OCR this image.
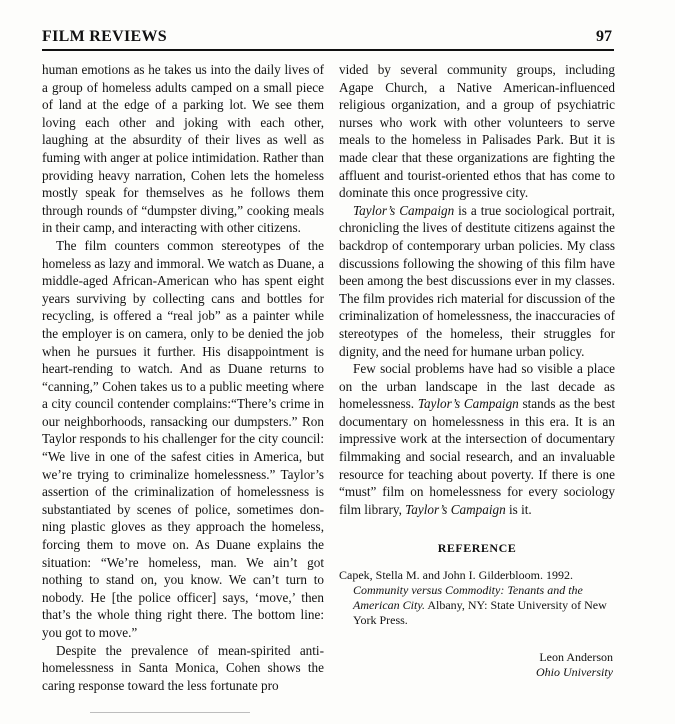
FILM REVIEWS	97

human emotions as he takes us into the daily lives of a group of homeless adults camped on a small piece of land at the edge of a parking lot. We see them loving each other and joking with each other, laughing at the absurdity of their lives as well as fuming with anger at police intimidation. Rather than providing heavy narration, Cohen lets the homeless mostly speak for themselves as he follows them through rounds of “dumpster diving,” cooking meals in their camp, and interacting with other citizens.

The film counters common stereotypes of the homeless as lazy and immoral. We watch as Duane, a middle-aged African-American who has spent eight years surviving by collecting cans and bottles for recycling, is offered a “real job” as a painter while the employer is on camera, only to be denied the job when he pursues it further. His disappointment is heart-rending to watch. And as Duane returns to “canning,” Cohen takes us to a public meeting where a city council contender complains:“There’s crime in our neighborhoods, ransacking our dumpsters.” Ron Taylor responds to his challenger for the city council: “We live in one of the safest cities in America, but we’re trying to criminalize homelessness.” Taylor’s assertion of the criminalization of homelessness is substantiated by scenes of police, sometimes donning plastic gloves as they approach the homeless, forcing them to move on. As Duane explains the situation: “We’re homeless, man. We ain’t got nothing to stand on, you know. We can’t turn to nobody. He [the police officer] says, ‘move,’ then that’s the whole thing right there. The bottom line: you got to move.”

Despite the prevalence of mean-spirited antihomelessness in Santa Monica, Cohen shows the caring response toward the less fortunate pro

vided by several community groups, including Agape Church, a Native American-influenced religious organization, and a group of psychiatric nurses who work with other volunteers to serve meals to the homeless in Palisades Park. But it is made clear that these organizations are fighting the affluent and tourist-oriented ethos that has come to dominate this once progressive city.

Taylor’s Campaign is a true sociological portrait, chronicling the lives of destitute citizens against the backdrop of contemporary urban policies. My class discussions following the showing of this film have been among the best discussions ever in my classes. The film provides rich material for discussion of the criminalization of homelessness, the inaccuracies of stereotypes of the homeless, their struggles for dignity, and the need for humane urban policy.

Few social problems have had so visible a place on the urban landscape in the last decade as homelessness. Taylor’s Campaign stands as the best documentary on homelessness in this era. It is an impressive work at the intersection of documentary filmmaking and social research, and an invaluable resource for teaching about poverty. If there is one “must” film on homelessness for every sociology film library, Taylor’s Campaign is it.

REFERENCE
Capek, Stella M. and John I. Gilderbloom. 1992. Community versus Commodity: Tenants and the American City. Albany, NY: State University of New York Press.
Leon Anderson
Ohio University
